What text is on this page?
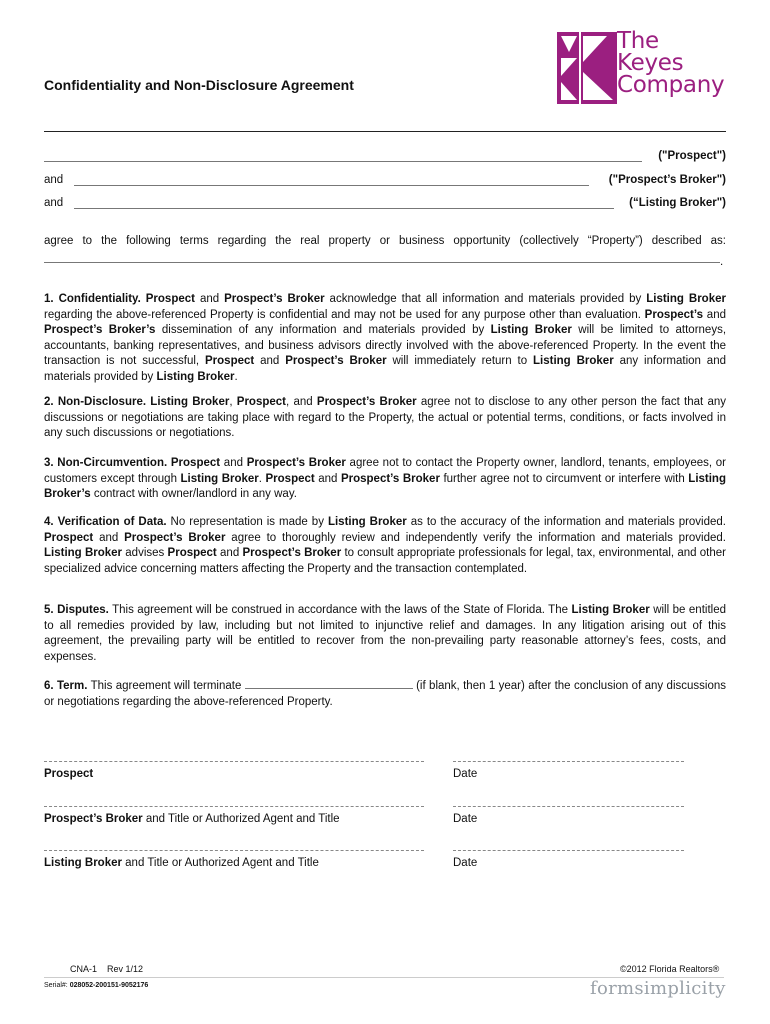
Confidentiality and Non-Disclosure Agreement
The
Keyes
Company
("Prospect")
and	("Prospect’s Broker")
and	(“Listing Broker")
agree to the following terms regarding the real property or business opportunity (collectively “Property”) described as:
.
1. Confidentiality. Prospect and Prospect’s Broker acknowledge that all information and materials provided by Listing Broker regarding the above-referenced Property is confidential and may not be used for any purpose other than evaluation. Prospect’s and Prospect’s Broker’s dissemination of any information and materials provided by Listing Broker will be limited to attorneys, accountants, banking representatives, and business advisors directly involved with the above-referenced Property. In the event the transaction is not successful, Prospect and Prospect’s Broker will immediately return to Listing Broker any information and materials provided by Listing Broker.
2. Non-Disclosure. Listing Broker, Prospect, and Prospect’s Broker agree not to disclose to any other person the fact that any discussions or negotiations are taking place with regard to the Property, the actual or potential terms, conditions, or facts involved in any such discussions or negotiations.
3. Non-Circumvention. Prospect and Prospect’s Broker agree not to contact the Property owner, landlord, tenants, employees, or customers except through Listing Broker. Prospect and Prospect’s Broker further agree not to circumvent or interfere with Listing Broker’s contract with owner/landlord in any way.
4. Verification of Data. No representation is made by Listing Broker as to the accuracy of the information and materials provided. Prospect and Prospect’s Broker agree to thoroughly review and independently verify the information and materials provided. Listing Broker advises Prospect and Prospect’s Broker to consult appropriate professionals for legal, tax, environmental, and other specialized advice concerning matters affecting the Property and the transaction contemplated.
5. Disputes. This agreement will be construed in accordance with the laws of the State of Florida. The Listing Broker will be entitled to all remedies provided by law, including but not limited to injunctive relief and damages. In any litigation arising out of this agreement, the prevailing party will be entitled to recover from the non-prevailing party reasonable attorney’s fees, costs, and expenses.
6. Term. This agreement will terminate	(if blank, then 1 year) after the conclusion of any discussions or negotiations regarding the above-referenced Property.
Prospect	Date
Prospect’s Broker and Title or Authorized Agent and Title	Date
Listing Broker and Title or Authorized Agent and Title	Date
CNA-1 Rev 1/12	©2012 Florida Realtors®
Serial#: 028052-200151-9052176	formsimplicity
